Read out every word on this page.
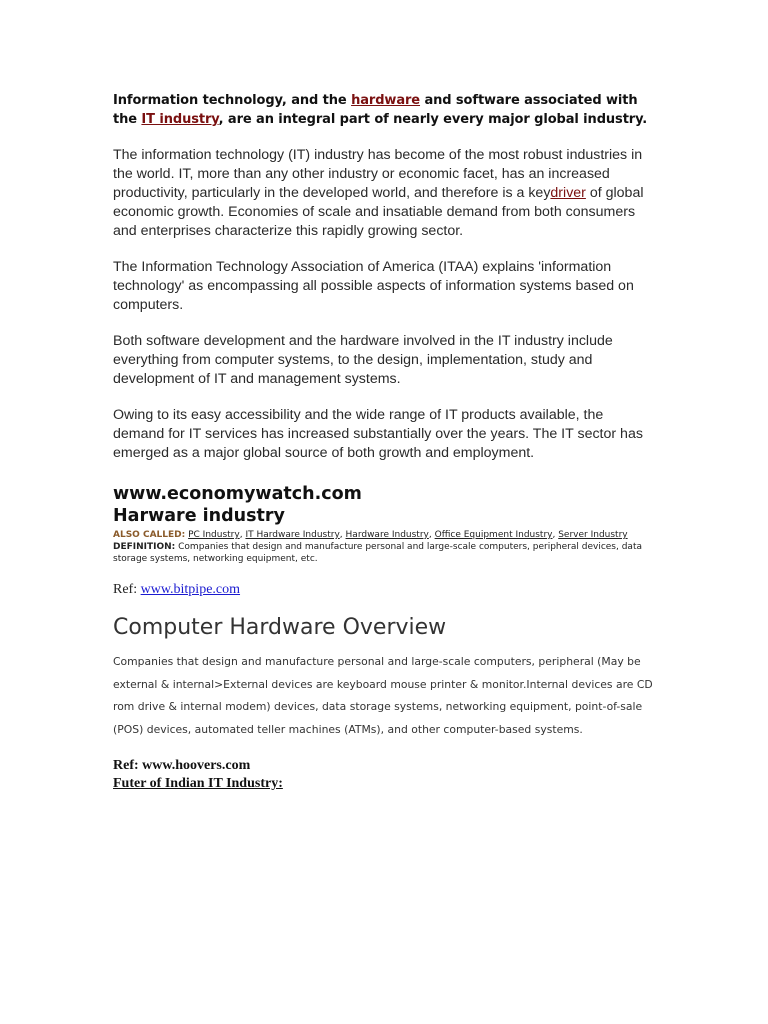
Information technology, and the hardware and software associated with the IT industry, are an integral part of nearly every major global industry.

The information technology (IT) industry has become of the most robust industries in the world. IT, more than any other industry or economic facet, has an increased productivity, particularly in the developed world, and therefore is a keydriver of global economic growth. Economies of scale and insatiable demand from both consumers and enterprises characterize this rapidly growing sector.

The Information Technology Association of America (ITAA) explains 'information technology' as encompassing all possible aspects of information systems based on computers.

Both software development and the hardware involved in the IT industry include everything from computer systems, to the design, implementation, study and development of IT and management systems.

Owing to its easy accessibility and the wide range of IT products available, the demand for IT services has increased substantially over the years. The IT sector has emerged as a major global source of both growth and employment.

www.economywatch.com

Harware industry

ALSO CALLED: PC Industry, IT Hardware Industry, Hardware Industry, Office Equipment Industry, Server Industry

DEFINITION: Companies that design and manufacture personal and large-scale computers, peripheral devices, data storage systems, networking equipment, etc.

Ref: www.bitpipe.com

Computer Hardware Overview

Companies that design and manufacture personal and large-scale computers, peripheral (May be external & internal>External devices are keyboard mouse printer & monitor.Internal devices are CD rom drive & internal modem) devices, data storage systems, networking equipment, point-of-sale (POS) devices, automated teller machines (ATMs), and other computer-based systems.

Ref: www.hoovers.com

Futer of Indian IT Industry:
